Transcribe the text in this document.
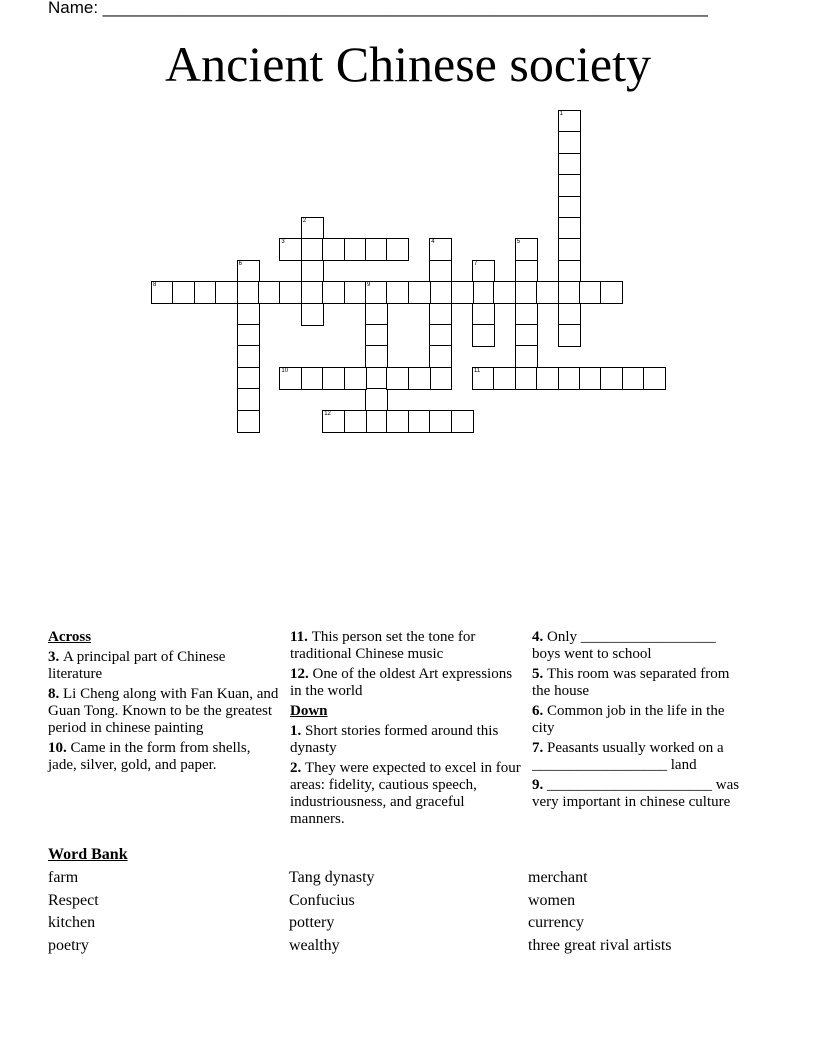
Name: ________________________________________________________________
Ancient Chinese society
1
2
3	4	5
6	7
8	9
10	11
12
Across
3. A principal part of Chinese literature
8. Li Cheng along with Fan Kuan, and Guan Tong. Known to be the greatest period in chinese painting
10. Came in the form from shells, jade, silver, gold, and paper.
11. This person set the tone for traditional Chinese music
12. One of the oldest Art expressions in the world
Down
1. Short stories formed around this dynasty
2. They were expected to excel in four areas: fidelity, cautious speech, industriousness, and graceful manners.
4. Only __________________ boys went to school
5. This room was separated from the house
6. Common job in the life in the city
7. Peasants usually worked on a __________________ land
9. ______________________ was very important in chinese culture
Word Bank
farm	Tang dynasty	merchant
Respect	Confucius	women
kitchen	pottery	currency
poetry	wealthy	three great rival artists
